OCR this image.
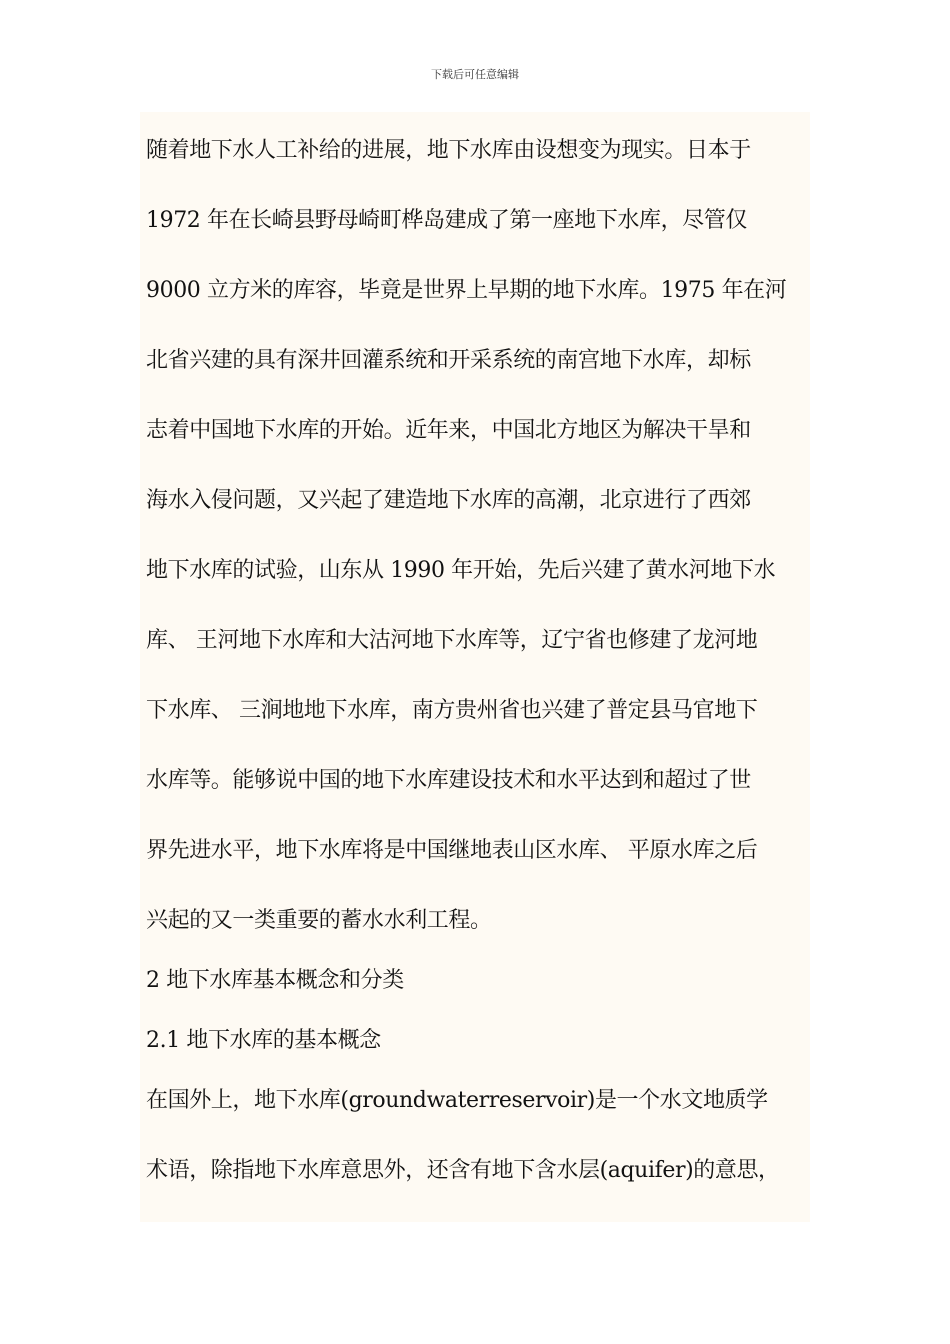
下载后可任意编辑
随着地下水人工补给的进展，地下水库由设想变为现实。日本于
1972 年在长崎县野母崎町桦岛建成了第一座地下水库，尽管仅
9000 立方米的库容，毕竟是世界上早期的地下水库。1975 年在河
北省兴建的具有深井回灌系统和开采系统的南宫地下水库，却标
志着中国地下水库的开始。近年来，中国北方地区为解决干旱和
海水入侵问题，又兴起了建造地下水库的高潮，北京进行了西郊
地下水库的试验，山东从 1990 年开始，先后兴建了黄水河地下水
库、 王河地下水库和大沽河地下水库等，辽宁省也修建了龙河地
下水库、 三涧地地下水库，南方贵州省也兴建了普定县马官地下
水库等。能够说中国的地下水库建设技术和水平达到和超过了世
界先进水平，地下水库将是中国继地表山区水库、 平原水库之后
兴起的又一类重要的蓄水水利工程。
2 地下水库基本概念和分类
2.1 地下水库的基本概念
在国外上，地下水库(groundwaterreservoir)是一个水文地质学
术语，除指地下水库意思外，还含有地下含水层(aquifer)的意思，
